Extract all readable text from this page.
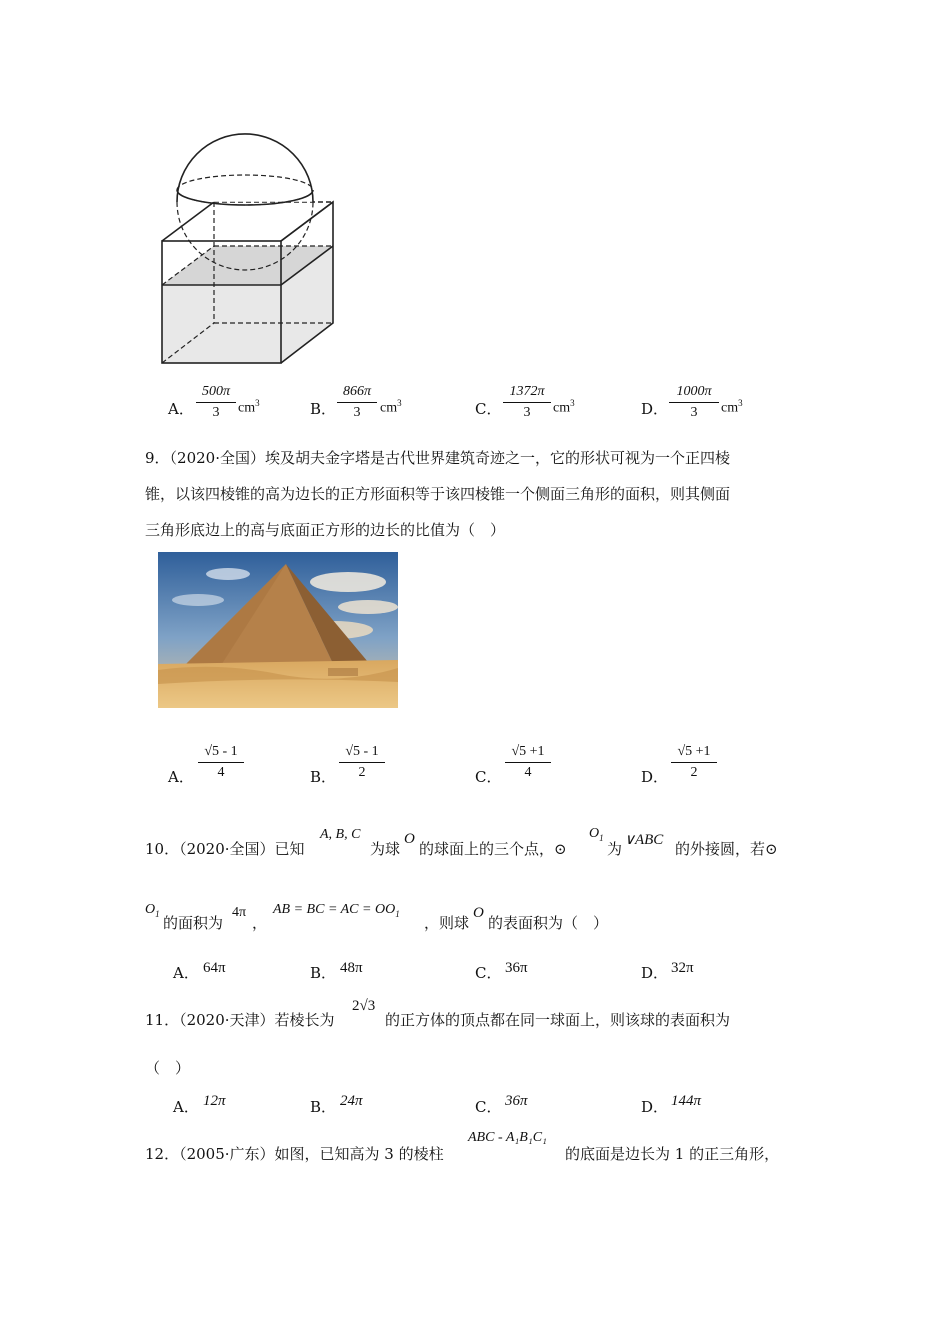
A．
500π
3	$cm^3$	B．
866π
3	$cm^3$	C．
1372π
3	$cm^3$	D．
1000π
3	$cm^3$
9．（2020·全国）埃及胡夫金字塔是古代世界建筑奇迹之一，它的形状可视为一个正四棱
锥，以该四棱锥的高为边长的正方形面积等于该四棱锥一个侧面三角形的面积，则其侧面
三角形底边上的高与底面正方形的边长的比值为（　）
A．
√5 - 1
4	B．
√5 - 1
2	C．
√5 +1
4	D．
√5 +1
2
10．（2020·全国）已知
A, B, C
为球
O
的球面上的三个点，⊙
$O_1$
为 ∨ABC 的外接圆，若⊙
$O_1$
的面积为
4π
，
AB = BC = AC = $OO_1$
，则球
O
的表面积为（　）
A． 64π	B． 48π	C． 36π	D． 32π
11．（2020·天津）若棱长为
2√3
的正方体的顶点都在同一球面上，则该球的表面积为
（　）
A． 12π	B． 24π	C． 36π	D． 144π
12．（2005·广东）如图，已知高为 3 的棱柱
ABC - A₁B₁C₁
的底面是边长为 1 的正三角形，
